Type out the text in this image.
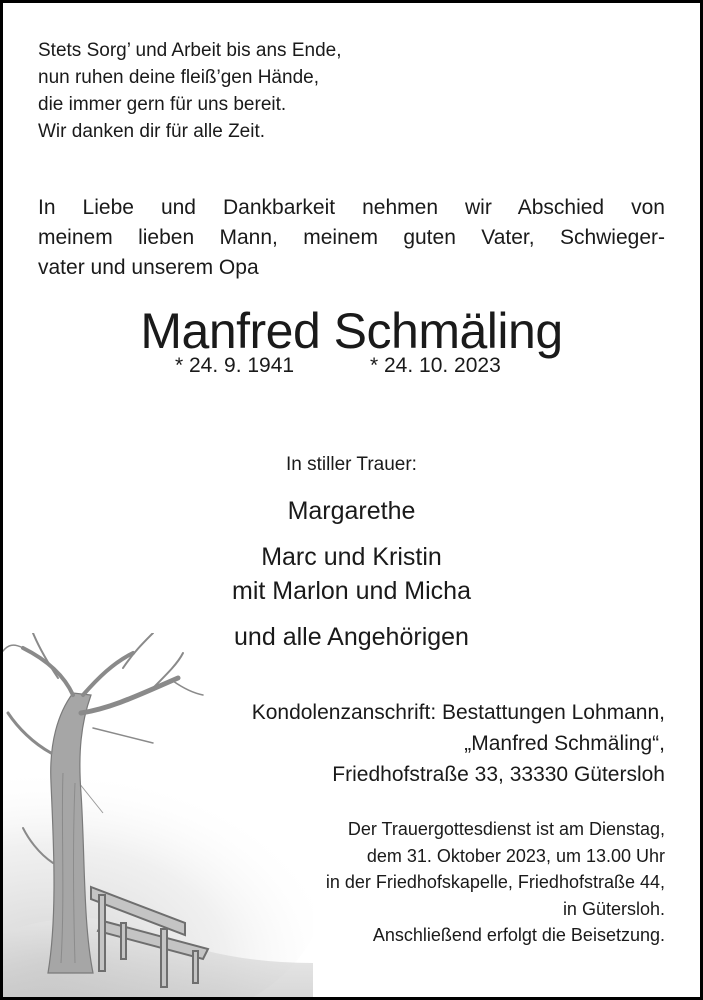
Stets Sorg’ und Arbeit bis ans Ende,
nun ruhen deine fleiß’gen Hände,
die immer gern für uns bereit.
Wir danken dir für alle Zeit.
In Liebe und Dankbarkeit nehmen wir Abschied von
meinem lieben Mann, meinem guten Vater, Schwieger-
vater und unserem Opa
Manfred Schmäling
* 24. 9. 1941	* 24. 10. 2023
In stiller Trauer:
Margarethe
Marc und Kristin
mit Marlon und Micha
und alle Angehörigen
Kondolenzanschrift: Bestattungen Lohmann,
„Manfred Schmäling“,
Friedhofstraße 33, 33330 Gütersloh
Der Trauergottesdienst ist am Dienstag,
dem 31. Oktober 2023, um 13.00 Uhr
in der Friedhofskapelle, Friedhofstraße 44,
in Gütersloh.
Anschließend erfolgt die Beisetzung.
